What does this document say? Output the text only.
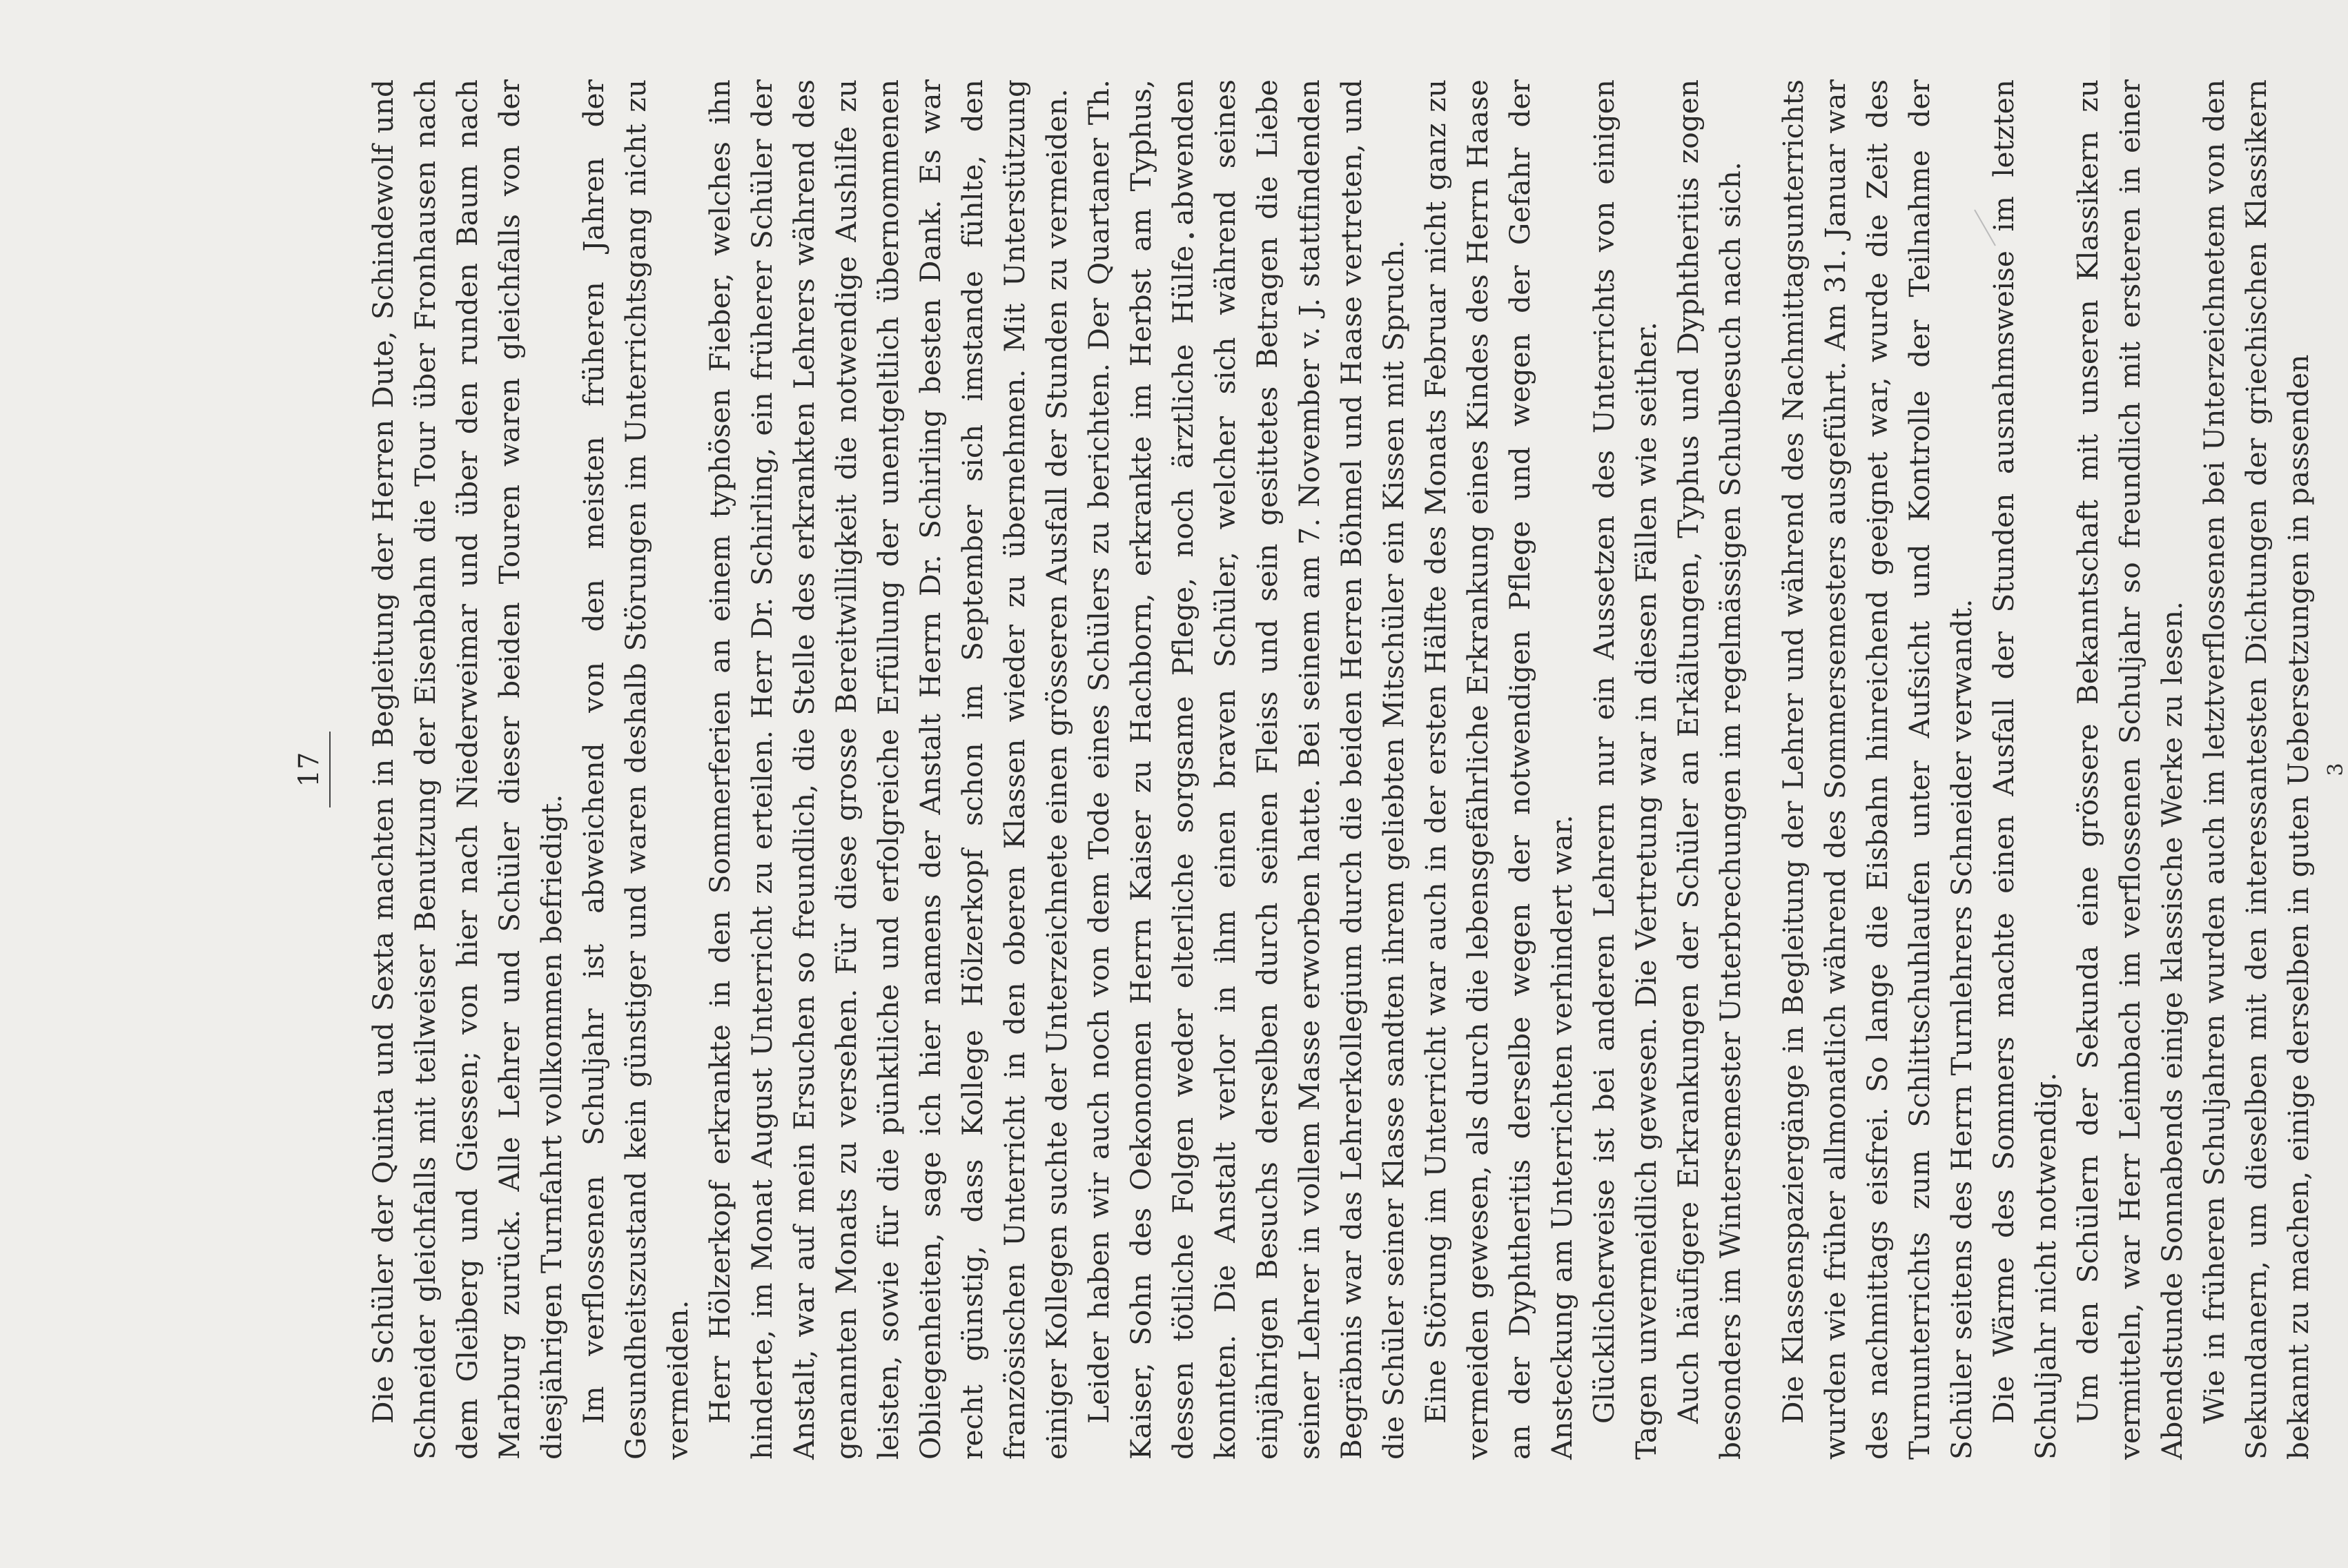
17 Die Schüler der Quinta und Sexta machten in Begleitung der Herren Dute, Schindewolf und Schneider gleichfalls mit teilweiser Benutzung der Eisenbahn die Tour über Fronhausen nach dem Gleiberg und Giessen; von hier nach Niederweimar und über den runden Baum nach Marburg zurück. Alle Lehrer und Schüler dieser beiden Touren waren gleichfalls von der diesjährigen Turnfahrt vollkommen befriedigt. Im verflossenen Schuljahr ist abweichend von den meisten früheren Jahren der Gesundheitszustand kein günstiger und waren deshalb Störungen im Unterrichtsgang nicht zu vermeiden. Herr Hölzerkopf erkrankte in den Sommerferien an einem typhösen Fieber, welches ihn hinderte, im Monat August Unterricht zu erteilen. Herr Dr. Schirling, ein früherer Schüler der Anstalt, war auf mein Ersuchen so freundlich, die Stelle des erkrankten Lehrers während des genannten Monats zu versehen. Für diese grosse Bereitwilligkeit die notwendige Aushilfe zu leisten, sowie für die pünktliche und erfolgreiche Erfüllung der unentgeltlich übernommenen Obliegenheiten, sage ich hier namens der Anstalt Herrn Dr. Schirling besten Dank. Es war recht günstig, dass Kollege Hölzerkopf schon im September sich imstande fühlte, den französischen Unterricht in den oberen Klassen wieder zu übernehmen. Mit Unterstützung einiger Kollegen suchte der Unterzeichnete einen grösseren Ausfall der Stunden zu vermeiden. Leider haben wir auch noch von dem Tode eines Schülers zu berichten. Der Quartaner Th. Kaiser, Sohn des Oekonomen Herrn Kaiser zu Hachborn, erkrankte im Herbst am Typhus, dessen tötliche Folgen weder elterliche sorgsame Pflege, noch ärztliche Hülfe abwenden konnten. Die Anstalt verlor in ihm einen braven Schüler, welcher sich während seines einjährigen Besuchs derselben durch seinen Fleiss und sein gesittetes Betragen die Liebe seiner Lehrer in vollem Masse erworben hatte. Bei seinem am 7. November v. J. stattfindenden Begräbnis war das Lehrerkollegium durch die beiden Herren Böhmel und Haase vertreten, und die Schüler seiner Klasse sandten ihrem geliebten Mitschüler ein Kissen mit Spruch. Eine Störung im Unterricht war auch in der ersten Hälfte des Monats Februar nicht ganz zu vermeiden gewesen, als durch die lebensgefährliche Erkrankung eines Kindes des Herrn Haase an der Dyphtheritis derselbe wegen der notwendigen Pflege und wegen der Gefahr der Ansteckung am Unterrichten verhindert war. Glücklicherweise ist bei anderen Lehrern nur ein Aussetzen des Unterrichts von einigen Tagen unvermeidlich gewesen. Die Vertretung war in diesen Fällen wie seither. Auch häufigere Erkrankungen der Schüler an Erkältungen, Typhus und Dyphtheritis zogen besonders im Wintersemester Unterbrechungen im regelmässigen Schulbesuch nach sich. Die Klassenspaziergänge in Begleitung der Lehrer und während des Nachmittagsunterrichts wurden wie früher allmonatlich während des Sommersemesters ausgeführt. Am 31. Januar war des nachmittags eisfrei. So lange die Eisbahn hinreichend geeignet war, wurde die Zeit des Turnunterrichts zum Schlittschuhlaufen unter Aufsicht und Kontrolle der Teilnahme der Schüler seitens des Herrn Turnlehrers Schneider verwandt. Die Wärme des Sommers machte einen Ausfall der Stunden ausnahmsweise im letzten Schuljahr nicht notwendig. Um den Schülern der Sekunda eine grössere Bekanntschaft mit unseren Klassikern zu vermitteln, war Herr Leimbach im verflossenen Schuljahr so freundlich mit ersteren in einer Abendstunde Sonnabends einige klassische Werke zu lesen. Wie in früheren Schuljahren wurden auch im letztverflossenen bei Unterzeichnetem von den Sekundanern, um dieselben mit den interessantesten Dichtungen der griechischen Klassikern bekannt zu machen, einige derselben in guten Uebersetzungen in passenden 3
